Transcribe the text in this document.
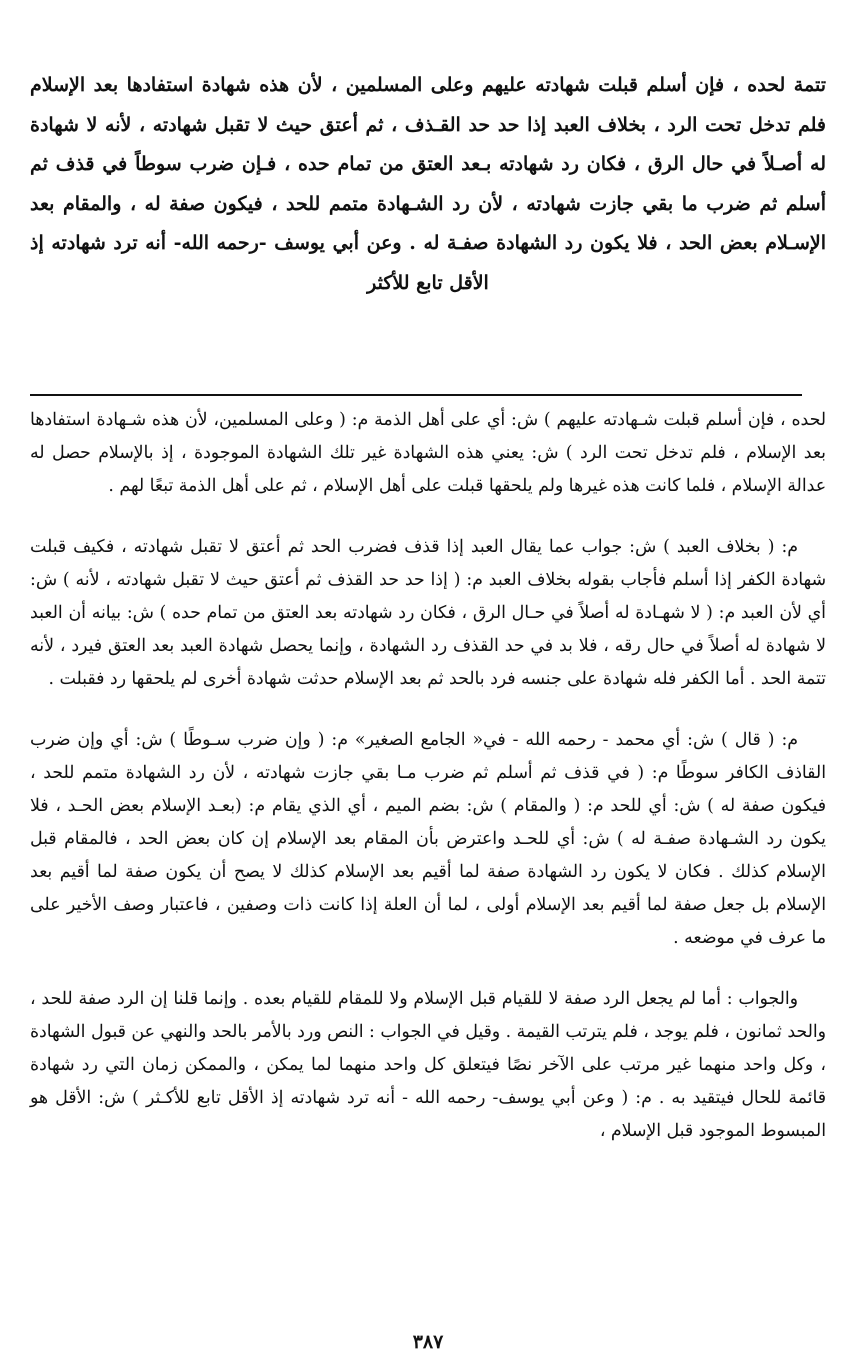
تتمة لحده ، فإن أسلم قبلت شهادته عليهم وعلى المسلمين ، لأن هذه شهادة استفادها بعد الإسلام فلم تدخل تحت الرد ، بخلاف العبد إذا حد حد القـذف ، ثم أعتق حيث لا تقبل شهادته ، لأنه لا شهادة له أصـلاً في حال الرق ، فكان رد شهادته بـعد العتق من تمام حده ، فـإن ضرب سوطاً في قذف ثم أسلم ثم ضرب ما بقي جازت شهادته ، لأن رد الشـهادة متمم للحد ، فيكون صفة له ، والمقام بعد الإسـلام بعض الحد ، فلا يكون رد الشهادة صفـة له . وعن أبي يوسف -رحمه الله- أنه ترد شهادته إذ الأقل تابع للأكثر

لحده ، فإن أسلم قبلت شـهادته عليهم ) ش: أي على أهل الذمة م: ( وعلى المسلمين، لأن هذه شـهادة استفادها بعد الإسلام ، فلم تدخل تحت الرد ) ش: يعني هذه الشهادة غير تلك الشهادة الموجودة ، إذ بالإسلام حصل له عدالة الإسلام ، فلما كانت هذه غيرها ولم يلحقها قبلت على أهل الإسلام ، ثم على أهل الذمة تبعًا لهم .

م: ( بخلاف العبد ) ش: جواب عما يقال العبد إذا قذف فضرب الحد ثم أعتق لا تقبل شهادته ، فكيف قبلت شهادة الكفر إذا أسلم فأجاب بقوله بخلاف العبد م: ( إذا حد حد القذف ثم أعتق حيث لا تقبل شهادته ، لأنه ) ش: أي لأن العبد م: ( لا شهـادة له أصلاً في حـال الرق ، فكان رد شهادته بعد العتق من تمام حده ) ش: بيانه أن العبد لا شهادة له أصلاً في حال رقه ، فلا بد في حد القذف رد الشهادة ، وإنما يحصل شهادة العبد بعد العتق فيرد ، لأنه تتمة الحد . أما الكفر فله شهادة على جنسه فرد بالحد ثم بعد الإسلام حدثت شهادة أخرى لم يلحقها رد فقبلت .

م: ( قال ) ش: أي محمد - رحمه الله - في« الجامع الصغير» م: ( وإن ضرب سـوطًا ) ش: أي وإن ضرب القاذف الكافر سوطًا م: ( في قذف ثم أسلم ثم ضرب مـا بقي جازت شهادته ، لأن رد الشهادة متمم للحد ، فيكون صفة له ) ش: أي للحد م: ( والمقام ) ش: بضم الميم ، أي الذي يقام م: (بعـد الإسلام بعض الحـد ، فلا يكون رد الشـهادة صفـة له ) ش: أي للحـد واعترض بأن المقام بعد الإسلام إن كان بعض الحد ، فالمقام قبل الإسلام كذلك . فكان لا يكون رد الشهادة صفة لما أقيم بعد الإسلام كذلك لا يصح أن يكون صفة لما أقيم بعد الإسلام بل جعل صفة لما أقيم بعد الإسلام أولى ، لما أن العلة إذا كانت ذات وصفين ، فاعتبار وصف الأخير على ما عرف في موضعه .

والجواب : أما لم يجعل الرد صفة لا للقيام قبل الإسلام ولا للمقام للقيام بعده . وإنما قلنا إن الرد صفة للحد ، والحد ثمانون ، فلم يوجد ، فلم يترتب القيمة . وقيل في الجواب : النص ورد بالأمر بالحد والنهي عن قبول الشهادة ، وكل واحد منهما غير مرتب على الآخر نصًا فيتعلق كل واحد منهما لما يمكن ، والممكن زمان التي رد شهادة قائمة للحال فيتقيد به . م: ( وعن أبي يوسف- رحمه الله - أنه ترد شهادته إذ الأقل تابع للأكـثر ) ش: الأقل هو المبسوط الموجود قبل الإسلام ،

٣٨٧
